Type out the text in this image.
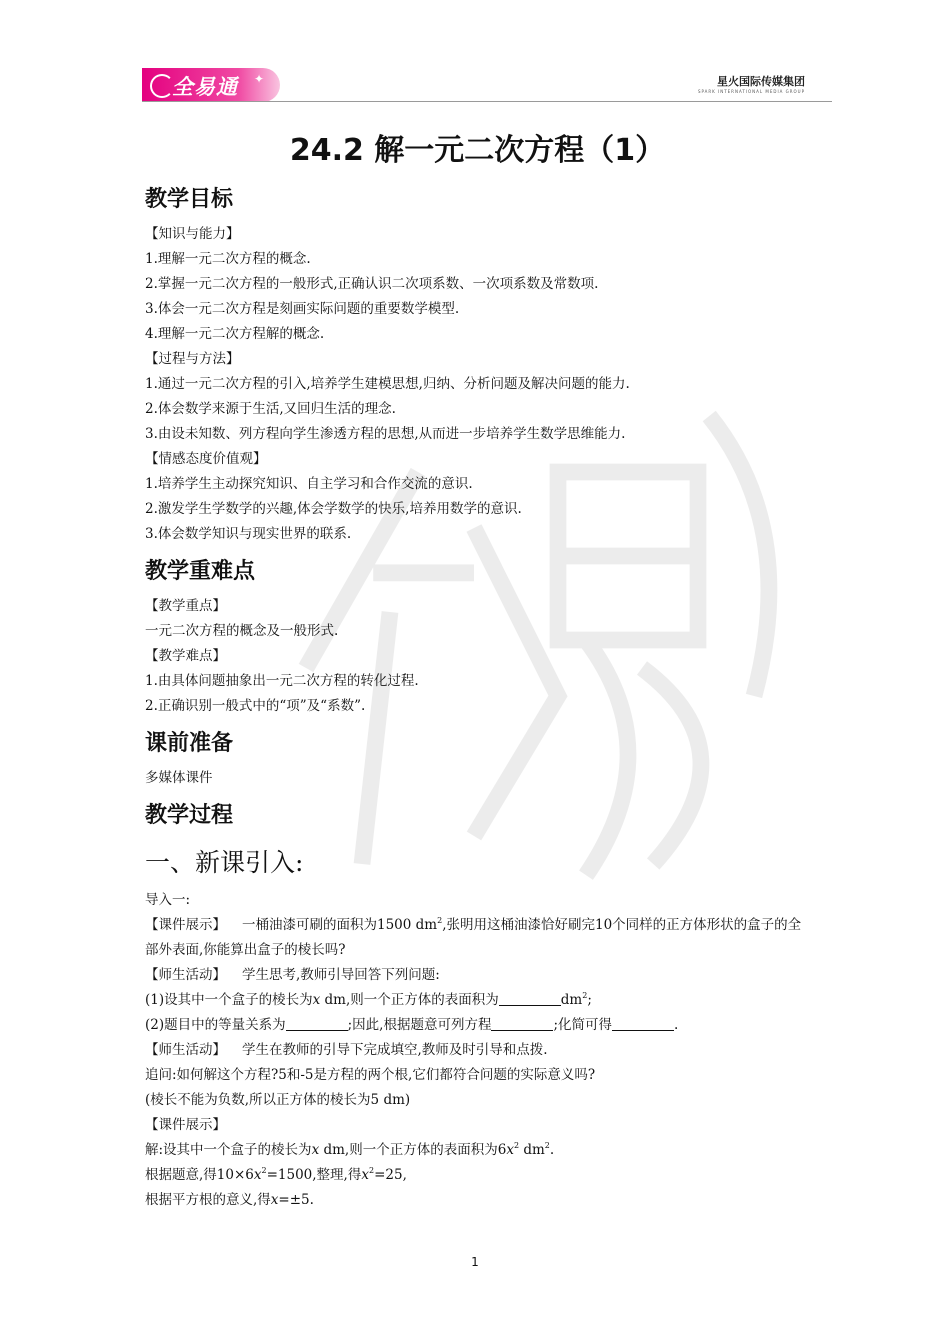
全易通 ✦	星火国际传媒集团
SPARK INTERNATIONAL MEDIA GROUP
24.2 解一元二次方程（1）
教学目标
【知识与能力】
1.理解一元二次方程的概念.
2.掌握一元二次方程的一般形式,正确认识二次项系数、一次项系数及常数项.
3.体会一元二次方程是刻画实际问题的重要数学模型.
4.理解一元二次方程解的概念.
【过程与方法】
1.通过一元二次方程的引入,培养学生建模思想,归纳、分析问题及解决问题的能力.
2.体会数学来源于生活,又回归生活的理念.
3.由设未知数、列方程向学生渗透方程的思想,从而进一步培养学生数学思维能力.
【情感态度价值观】
1.培养学生主动探究知识、自主学习和合作交流的意识.
2.激发学生学数学的兴趣,体会学数学的快乐,培养用数学的意识.
3.体会数学知识与现实世界的联系.
教学重难点
【教学重点】
一元二次方程的概念及一般形式.
【教学难点】
1.由具体问题抽象出一元二次方程的转化过程.
2.正确识别一般式中的“项”及“系数”.
课前准备
多媒体课件
教学过程
一、新课引入:
导入一:
【课件展示】 一桶油漆可刷的面积为1500 $dm^2$,张明用这桶油漆恰好刷完10个同样的正方体形状的盒子的全部外表面,你能算出盒子的棱长吗?
【师生活动】 学生思考,教师引导回答下列问题:
(1)设其中一个盒子的棱长为x dm,则一个正方体的表面积为	$dm^2$;
(2)题目中的等量关系为	;因此,根据题意可列方程	;化简可得	.
【师生活动】 学生在教师的引导下完成填空,教师及时引导和点拨.
追问:如何解这个方程?5和-5是方程的两个根,它们都符合问题的实际意义吗?
(棱长不能为负数,所以正方体的棱长为5 dm)
【课件展示】
解:设其中一个盒子的棱长为x dm,则一个正方体的表面积为$6x^2$ $dm^2$.
根据题意,得$10\times 6x^2=1500$,整理,得$x^2=25$,
根据平方根的意义,得x=±5.
1
